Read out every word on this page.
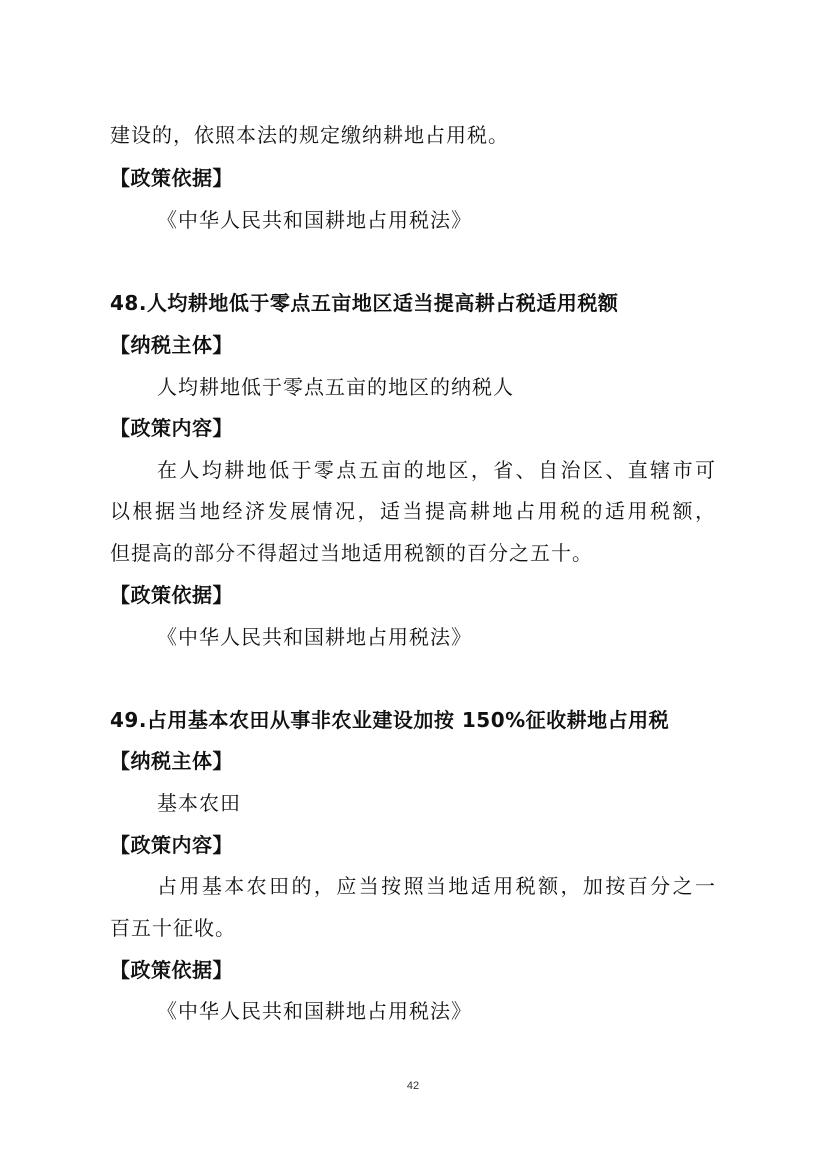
建设的，依照本法的规定缴纳耕地占用税。
【政策依据】
《中华人民共和国耕地占用税法》
48.人均耕地低于零点五亩地区适当提高耕占税适用税额
【纳税主体】
人均耕地低于零点五亩的地区的纳税人
【政策内容】
在人均耕地低于零点五亩的地区，省、自治区、直辖市可
以根据当地经济发展情况，适当提高耕地占用税的适用税额，
但提高的部分不得超过当地适用税额的百分之五十。
【政策依据】
《中华人民共和国耕地占用税法》
49.占用基本农田从事非农业建设加按 150%征收耕地占用税
【纳税主体】
基本农田
【政策内容】
占用基本农田的，应当按照当地适用税额，加按百分之一
百五十征收。
【政策依据】
《中华人民共和国耕地占用税法》
42
